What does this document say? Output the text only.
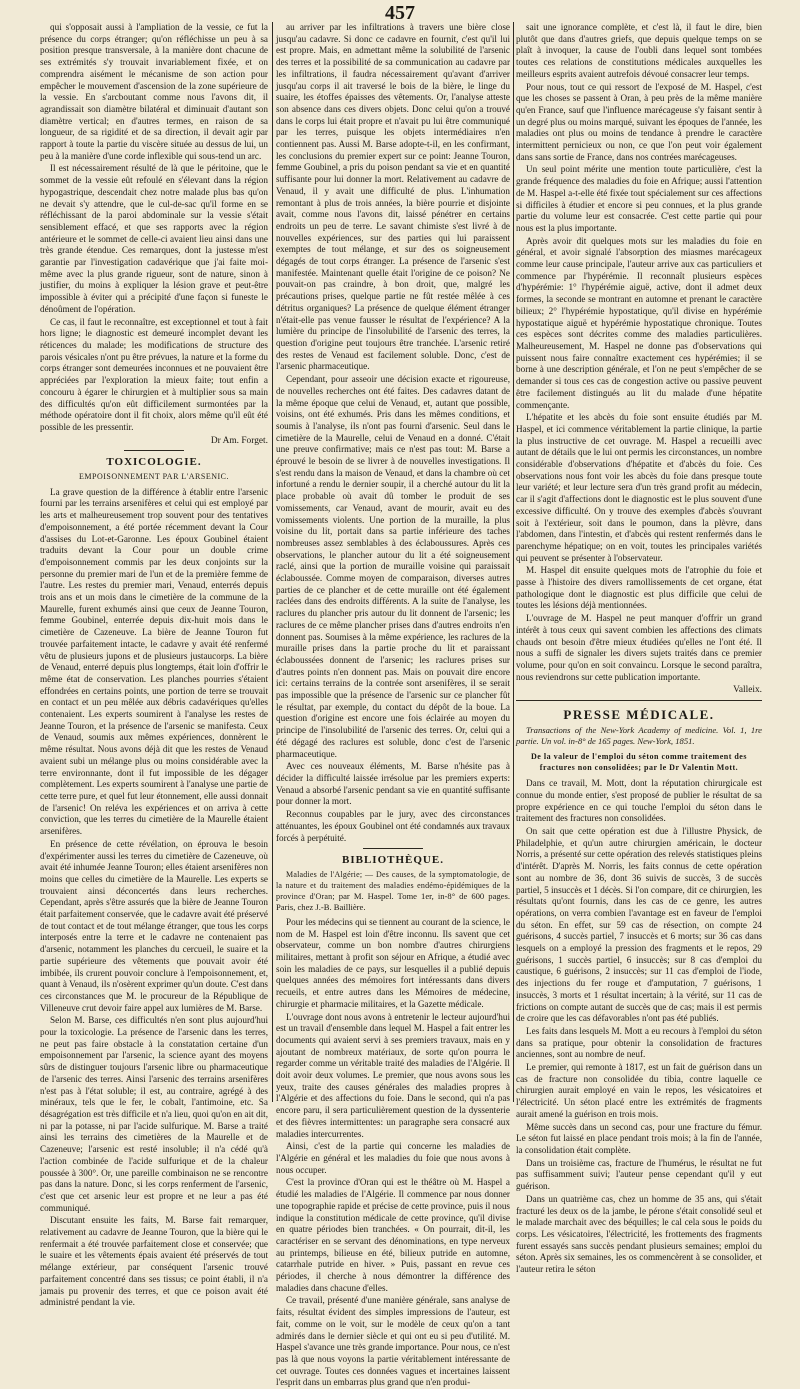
457

qui s'opposait aussi à l'ampliation de la vessie, ce fut la présence du corps étranger; qu'on réfléchisse un peu à sa position presque transversale, à la manière dont chacune de ses extrémités s'y trouvait invariablement fixée, et on comprendra aisément le mécanisme de son action pour empêcher le mouvement d'ascension de la zone supérieure de la vessie. En s'arcboutant comme nous l'avons dit, il agrandissait son diamètre bilatéral et diminuait d'autant son diamètre vertical; en d'autres termes, en raison de sa longueur, de sa rigidité et de sa direction, il devait agir par rapport à toute la partie du viscère située au dessus de lui, un peu à la manière d'une corde inflexible qui sous-tend un arc.

Il est nécessairement résulté de là que le péritoine, que le sommet de la vessie eût refoulé en s'élevant dans la région hypogastrique, descendait chez notre malade plus bas qu'on ne devait s'y attendre, que le cul-de-sac qu'il forme en se réfléchissant de la paroi abdominale sur la vessie s'était sensiblement effacé, et que ses rapports avec la région antérieure et le sommet de celle-ci avaient lieu ainsi dans une très grande étendue. Ces remarques, dont la justesse m'est garantie par l'investigation cadavérique que j'ai faite moi-même avec la plus grande rigueur, sont de nature, sinon à justifier, du moins à expliquer la lésion grave et peut-être impossible à éviter qui a précipité d'une façon si funeste le dénoûment de l'opération.

Ce cas, il faut le reconnaître, est exceptionnel et tout à fait hors ligne; le diagnostic est demeuré incomplet devant les réticences du malade; les modifications de structure des parois vésicales n'ont pu être prévues, la nature et la forme du corps étranger sont demeurées inconnues et ne pouvaient être appréciées par l'exploration la mieux faite; tout enfin a concouru à égarer le chirurgien et à multiplier sous sa main des difficultés qu'on eût difficilement surmontées par la méthode opératoire dont il fit choix, alors même qu'il eût été possible de les pressentir.

Dr Am. Forget.
TOXICOLOGIE.
EMPOISONNEMENT PAR L'ARSENIC.

La grave question de la différence à établir entre l'arsenic fourni par les terrains arsenifères et celui qui est employé par les arts et malheureusement trop souvent pour des tentatives d'empoisonnement, a été portée récemment devant la Cour d'assises du Lot-et-Garonne. Les époux Goubinel étaient traduits devant la Cour pour un double crime d'empoisonnement commis par les deux conjoints sur la personne du premier mari de l'un et de la première femme de l'autre. Les restes du premier mari, Venaud, enterrés depuis trois ans et un mois dans le cimetière de la commune de la Maurelle, furent exhumés ainsi que ceux de Jeanne Touron, femme Goubinel, enterrée depuis dix-huit mois dans le cimetière de Cazeneuve. La bière de Jeanne Touron fut trouvée parfaitement intacte, le cadavre y avait été renfermé vêtu de plusieurs jupons et de plusieurs justaucorps. La bière de Venaud, enterré depuis plus longtemps, était loin d'offrir le même état de conservation. Les planches pourries s'étaient effondrées en certains points, une portion de terre se trouvait en contact et un peu mêlée aux débris cadavériques qu'elles contenaient. Les experts soumirent à l'analyse les restes de Jeanne Touron, et la présence de l'arsenic se manifesta. Ceux de Venaud, soumis aux mêmes expériences, donnèrent le même résultat. Nous avons déjà dit que les restes de Venaud avaient subi un mélange plus ou moins considérable avec la terre environnante, dont il fut impossible de les dégager complètement. Les experts soumirent à l'analyse une partie de cette terre pure, et quel fut leur étonnement, elle aussi donnait de l'arsenic! On reléva les expériences et on arriva à cette conviction, que les terres du cimetière de la Maurelle étaient arsenifères.

En présence de cette révélation, on éprouva le besoin d'expérimenter aussi les terres du cimetière de Cazeneuve, où avait été inhumée Jeanne Touron; elles étaient arsenifères non moins que celles du cimetière de la Maurelle. Les experts se trouvaient ainsi déconcertés dans leurs recherches. Cependant, après s'être assurés que la bière de Jeanne Touron était parfaitement conservée, que le cadavre avait été préservé de tout contact et de tout mélange étranger, que tous les corps interposés entre la terre et le cadavre ne contenaient pas d'arsenic, notamment les planches du cercueil, le suaire et la partie supérieure des vêtements que pouvait avoir été imbibée, ils crurent pouvoir conclure à l'empoisonnement, et, quant à Venaud, ils n'osèrent exprimer qu'un doute. C'est dans ces circonstances que M. le procureur de la République de Villeneuve crut devoir faire appel aux lumières de M. Barse.

Selon M. Barse, ces difficultés n'en sont plus aujourd'hui pour la toxicologie. La présence de l'arsenic dans les terres, ne peut pas faire obstacle à la constatation certaine d'un empoisonnement par l'arsenic, la science ayant des moyens sûrs de distinguer toujours l'arsenic libre ou pharmaceutique de l'arsenic des terres. Ainsi l'arsenic des terrains arsenifères n'est pas à l'état soluble; il est, au contraire, agrégé à des minéraux, tels que le fer, le cobalt, l'antimoine, etc. Sa désagrégation est très difficile et n'a lieu, quoi qu'on en ait dit, ni par la potasse, ni par l'acide sulfurique. M. Barse a traité ainsi les terrains des cimetières de la Maurelle et de Cazeneuve; l'arsenic est resté insoluble; il n'a cédé qu'à l'action combinée de l'acide sulfurique et de la chaleur poussée à 300°. Or, une pareille combinaison ne se rencontre pas dans la nature. Donc, si les corps renferment de l'arsenic, c'est que cet arsenic leur est propre et ne leur a pas été communiqué.

Discutant ensuite les faits, M. Barse fait remarquer, relativement au cadavre de Jeanne Touron, que la bière qui le renfermait a été trouvée parfaitement close et conservée; que le suaire et les vêtements épais avaient été préservés de tout mélange extérieur, par conséquent l'arsenic trouvé parfaitement concentré dans ses tissus; ce point établi, il n'a jamais pu provenir des terres, et que ce poison avait été administré pendant la vie.

au arriver par les infiltrations à travers une bière close jusqu'au cadavre. Si donc ce cadavre en fournit, c'est qu'il lui est propre. Mais, en admettant même la solubilité de l'arsenic des terres et la possibilité de sa communication au cadavre par les infiltrations, il faudra nécessairement qu'avant d'arriver jusqu'au corps il ait traversé le bois de la bière, le linge du suaire, les étoffes épaisses des vêtements. Or, l'analyse atteste son absence dans ces divers objets. Donc celui qu'on a trouvé dans le corps lui était propre et n'avait pu lui être communiqué par les terres, puisque les objets intermédiaires n'en contiennent pas. Aussi M. Barse adopte-t-il, en les confirmant, les conclusions du premier expert sur ce point: Jeanne Touron, femme Goubinel, a pris du poison pendant sa vie et en quantité suffisante pour lui donner la mort. Relativement au cadavre de Venaud, il y avait une difficulté de plus. L'inhumation remontant à plus de trois années, la bière pourrie et disjointe avait, comme nous l'avons dit, laissé pénétrer en certains endroits un peu de terre. Le savant chimiste s'est livré à de nouvelles expériences, sur des parties qui lui paraissent exemptes de tout mélange, et sur des os soigneusement dégagés de tout corps étranger. La présence de l'arsenic s'est manifestée. Maintenant quelle était l'origine de ce poison? Ne pouvait-on pas craindre, à bon droit, que, malgré les précautions prises, quelque partie ne fût restée mêlée à ces détritus organiques? La présence de quelque élément étranger n'était-elle pas venue fausser le résultat de l'expérience? A la lumière du principe de l'insolubilité de l'arsenic des terres, la question d'origine peut toujours être tranchée. L'arsenic retiré des restes de Venaud est facilement soluble. Donc, c'est de l'arsenic pharmaceutique.

Cependant, pour asseoir une décision exacte et rigoureuse, de nouvelles recherches ont été faites. Des cadavres datant de la même époque que celui de Venaud, et, autant que possible, voisins, ont été exhumés. Pris dans les mêmes conditions, et soumis à l'analyse, ils n'ont pas fourni d'arsenic. Seul dans le cimetière de la Maurelle, celui de Venaud en a donné. C'était une preuve confirmative; mais ce n'est pas tout: M. Barse a éprouvé le besoin de se livrer à de nouvelles investigations. Il s'est rendu dans la maison de Venaud, et dans la chambre où cet infortuné a rendu le dernier soupir, il a cherché autour du lit la place probable où avait dû tomber le produit de ses vomissements, car Venaud, avant de mourir, avait eu des vomissements violents. Une portion de la muraille, la plus voisine du lit, portait dans sa partie inférieure des taches nombreuses assez semblables à des éclaboussures. Après ces observations, le plancher autour du lit a été soigneusement raclé, ainsi que la portion de muraille voisine qui paraissait éclaboussée. Comme moyen de comparaison, diverses autres parties de ce plancher et de cette muraille ont été également raclées dans des endroits différents. A la suite de l'analyse, les raclures du plancher pris autour du lit donnent de l'arsenic; les raclures de ce même plancher prises dans d'autres endroits n'en donnent pas. Soumises à la même expérience, les raclures de la muraille prises dans la partie proche du lit et paraissant éclaboussées donnent de l'arsenic; les raclures prises sur d'autres points n'en donnent pas. Mais on pouvait dire encore ici: certains terrains de la contrée sont arsenifères, il se serait pas impossible que la présence de l'arsenic sur ce plancher fût le résultat, par exemple, du contact du dépôt de la boue. La question d'origine est encore une fois éclairée au moyen du principe de l'insolubilité de l'arsenic des terres. Or, celui qui a été dégagé des raclures est soluble, donc c'est de l'arsenic pharmaceutique.

Avec ces nouveaux éléments, M. Barse n'hésite pas à décider la difficulté laissée irrésolue par les premiers experts: Venaud a absorbé l'arsenic pendant sa vie en quantité suffisante pour donner la mort.

Reconnus coupables par le jury, avec des circonstances atténuantes, les époux Goubinel ont été condamnés aux travaux forcés à perpétuité.

BIBLIOTHÈQUE.
Maladies de l'Algérie; — Des causes, de la symptomatologie, de la nature et du traitement des maladies endémo-épidémiques de la province d'Oran; par M. Haspel. Tome 1er, in-8° de 600 pages. Paris, chez J.-B. Baillière.

Pour les médecins qui se tiennent au courant de la science, le nom de M. Haspel est loin d'être inconnu. Ils savent que cet observateur, comme un bon nombre d'autres chirurgiens militaires, mettant à profit son séjour en Afrique, a étudié avec soin les maladies de ce pays, sur lesquelles il a publié depuis quelques années des mémoires fort intéressants dans divers recueils, et entre autres dans les Mémoires de médecine, chirurgie et pharmacie militaires, et la Gazette médicale.

L'ouvrage dont nous avons à entretenir le lecteur aujourd'hui est un travail d'ensemble dans lequel M. Haspel a fait entrer les documents qui avaient servi à ses premiers travaux, mais en y ajoutant de nombreux matériaux, de sorte qu'on pourra le regarder comme un véritable traité des maladies de l'Algérie. Il doit avoir deux volumes. Le premier, que nous avons sous les yeux, traite des causes générales des maladies propres à l'Algérie et des affections du foie. Dans le second, qui n'a pas encore paru, il sera particulièrement question de la dyssenterie et des fièvres intermittentes: un paragraphe sera consacré aux maladies intercurrentes.

Ainsi, c'est de la partie qui concerne les maladies de l'Algérie en général et les maladies du foie que nous avons à nous occuper.

C'est la province d'Oran qui est le théâtre où M. Haspel a étudié les maladies de l'Algérie. Il commence par nous donner une topographie rapide et précise de cette province, puis il nous indique la constitution médicale de cette province, qu'il divise en quatre périodes bien tranchées. « On pourrait, dit-il, les caractériser en se servant des dénominations, en type nerveux au printemps, bilieuse en été, bilieux putride en automne, catarrhale putride en hiver. » Puis, passant en revue ces périodes, il cherche à nous démontrer la différence des maladies dans chacune d'elles.

Ce travail, présenté d'une manière générale, sans analyse de faits, résultat évident des simples impressions de l'auteur, est fait, comme on le voit, sur le modèle de ceux qu'on a tant admirés dans le dernier siècle et qui ont eu si peu d'utilité. M. Haspel s'avance une très grande importance. Pour nous, ce n'est pas là que nous voyons la partie véritablement intéressante de cet ouvrage. Toutes ces données vagues et incertaines laissent l'esprit dans un embarras plus grand que n'en produi-

sait une ignorance complète, et c'est là, il faut le dire, bien plutôt que dans d'autres griefs, que depuis quelque temps on se plaît à invoquer, la cause de l'oubli dans lequel sont tombées toutes ces relations de constitutions médicales auxquelles les meilleurs esprits avaient autrefois dévoué consacrer leur temps.

Pour nous, tout ce qui ressort de l'exposé de M. Haspel, c'est que les choses se passent à Oran, à peu près de la même manière qu'en France, sauf que l'influence marécageuse s'y faisant sentir à un degré plus ou moins marqué, suivant les époques de l'année, les maladies ont plus ou moins de tendance à prendre le caractère intermittent pernicieux ou non, ce que l'on peut voir également dans sans sortie de France, dans nos contrées marécageuses.

Un seul point mérite une mention toute particulière, c'est la grande fréquence des maladies du foie en Afrique; aussi l'attention de M. Haspel a-t-elle été fixée tout spécialement sur ces affections si difficiles à étudier et encore si peu connues, et la plus grande partie du volume leur est consacrée. C'est cette partie qui pour nous est la plus importante.

Après avoir dit quelques mots sur les maladies du foie en général, et avoir signalé l'absorption des miasmes marécageux comme leur cause principale, l'auteur arrive aux cas particuliers et commence par l'hypérémie. Il reconnaît plusieurs espèces d'hypérémie: 1° l'hypérémie aiguë, active, dont il admet deux formes, la seconde se montrant en automne et prenant le caractère bilieux; 2° l'hypérémie hypostatique, qu'il divise en hypérémie hypostatique aiguë et hypérémie hypostatique chronique. Toutes ces espèces sont décrites comme des maladies particulières. Malheureusement, M. Haspel ne donne pas d'observations qui puissent nous faire connaître exactement ces hypérémies; il se borne à une description générale, et l'on ne peut s'empêcher de se demander si tous ces cas de congestion active ou passive peuvent être facilement distingués au lit du malade d'une hépatite commençante.

L'hépatite et les abcès du foie sont ensuite étudiés par M. Haspel, et ici commence véritablement la partie clinique, la partie la plus instructive de cet ouvrage. M. Haspel a recueilli avec autant de détails que le lui ont permis les circonstances, un nombre considérable d'observations d'hépatite et d'abcès du foie. Ces observations nous font voir les abcès du foie dans presque toute leur variété; et leur lecture sera d'un très grand profit au médecin, car il s'agit d'affections dont le diagnostic est le plus souvent d'une excessive difficulté. On y trouve des exemples d'abcès s'ouvrant soit à l'extérieur, soit dans le poumon, dans la plèvre, dans l'abdomen, dans l'intestin, et d'abcès qui restent renfermés dans le parenchyme hépatique; on en voit, toutes les principales variétés qui peuvent se présenter à l'observateur.

M. Haspel dit ensuite quelques mots de l'atrophie du foie et passe à l'histoire des divers ramollissements de cet organe, état pathologique dont le diagnostic est plus difficile que celui de toutes les lésions déjà mentionnées.

L'ouvrage de M. Haspel ne peut manquer d'offrir un grand intérêt à tous ceux qui savent combien les affections des climats chauds ont besoin d'être mieux étudiées qu'elles ne l'ont été. Il nous a suffi de signaler les divers sujets traités dans ce premier volume, pour qu'on en soit convaincu. Lorsque le second paraîtra, nous reviendrons sur cette publication importante.

Valleix.
PRESSE MÉDICALE.
Transactions of the New-York Academy of medicine. Vol. 1, 1re partie. Un vol. in-8° de 165 pages. New-York, 1851.
De la valeur de l'emploi du séton comme traitement des fractures non consolidées; par le Dr Valentin Mott.

Dans ce travail, M. Mott, dont la réputation chirurgicale est connue du monde entier, s'est proposé de publier le résultat de sa propre expérience en ce qui touche l'emploi du séton dans le traitement des fractures non consolidées.

On sait que cette opération est due à l'illustre Physick, de Philadelphie, et qu'un autre chirurgien américain, le docteur Norris, a présenté sur cette opération des relevés statistiques pleins d'intérêt. D'après M. Norris, les faits connus de cette opération sont au nombre de 36, dont 36 suivis de succès, 3 de succès partiel, 5 insuccès et 1 décès. Si l'on compare, dit ce chirurgien, les résultats qu'ont fournis, dans les cas de ce genre, les autres opérations, on verra combien l'avantage est en faveur de l'emploi du séton. En effet, sur 59 cas de résection, on compte 24 guérisons, 4 succès partiel, 7 insuccès et 6 morts; sur 36 cas dans lesquels on a employé la pression des fragments et le repos, 29 guérisons, 1 succès partiel, 6 insuccès; sur 8 cas d'emploi du caustique, 6 guérisons, 2 insuccès; sur 11 cas d'emploi de l'iode, des injections du fer rouge et d'amputation, 7 guérisons, 1 insuccès, 3 morts et 1 résultat incertain; à la vérité, sur 11 cas de frictions on compte autant de succès que de cas; mais il est permis de croire que les cas défavorables n'ont pas été publiés.

Les faits dans lesquels M. Mott a eu recours à l'emploi du séton dans sa pratique, pour obtenir la consolidation de fractures anciennes, sont au nombre de neuf.

Le premier, qui remonte à 1817, est un fait de guérison dans un cas de fracture non consolidée du tibia, contre laquelle ce chirurgien aurait employé en vain le repos, les vésicatoires et l'électricité. Un séton placé entre les extrémités de fragments aurait amené la guérison en trois mois.

Même succès dans un second cas, pour une fracture du fémur. Le séton fut laissé en place pendant trois mois; à la fin de l'année, la consolidation était complète.

Dans un troisième cas, fracture de l'humérus, le résultat ne fut pas suffisamment suivi; l'auteur pense cependant qu'il y eut guérison.

Dans un quatrième cas, chez un homme de 35 ans, qui s'était fracturé les deux os de la jambe, le pérone s'était consolidé seul et le malade marchait avec des béquilles; le cal cela sous le poids du corps. Les vésicatoires, l'électricité, les frottements des fragments furent essayés sans succès pendant plusieurs semaines; emploi du séton. Après six semaines, les os commencèrent à se consolider, et l'auteur retira le séton
